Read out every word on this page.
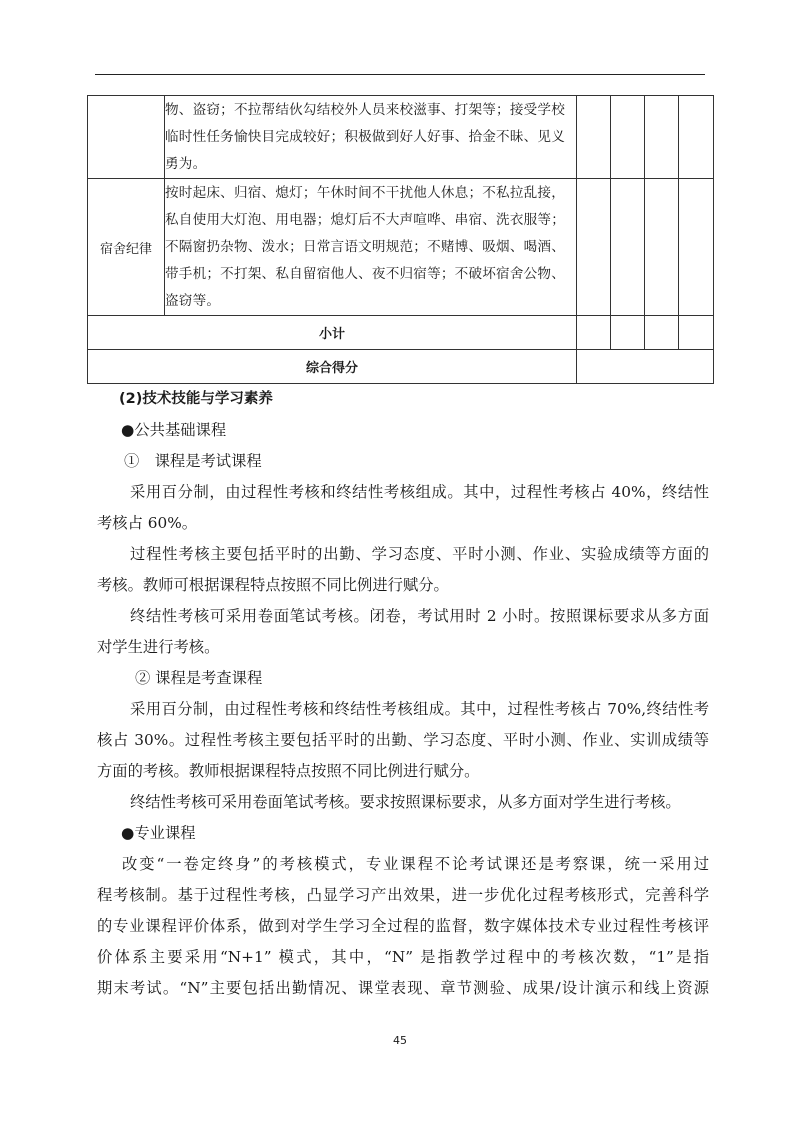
	物、盗窃；不拉帮结伙勾结校外人员来校滋事、打架等；接受学校
临时性任务愉快目完成较好；积极做到好人好事、拾金不昧、见义
勇为。				

宿舍纪律	按时起床、归宿、熄灯；午休时间不干扰他人休息；不私拉乱接，
私自使用大灯泡、用电器；熄灯后不大声喧哗、串宿、洗衣服等；
不隔窗扔杂物、泼水；日常言语文明规范；不赌博、吸烟、喝酒、
带手机；不打架、私自留宿他人、夜不归宿等；不破坏宿舍公物、
盗窃等。				

小计					
综合得分					
(2)技术技能与学习素养
●公共基础课程
①　课程是考试课程
采用百分制，由过程性考核和终结性考核组成。其中，过程性考核占 40%，终结性
考核占 60%。
过程性考核主要包括平时的出勤、学习态度、平时小测、作业、实验成绩等方面的
考核。教师可根据课程特点按照不同比例进行赋分。
终结性考核可采用卷面笔试考核。闭卷，考试用时 2 小时。按照课标要求从多方面
对学生进行考核。
② 课程是考查课程
采用百分制，由过程性考核和终结性考核组成。其中，过程性考核占 70%,终结性考
核占 30%。过程性考核主要包括平时的出勤、学习态度、平时小测、作业、实训成绩等
方面的考核。教师根据课程特点按照不同比例进行赋分。
终结性考核可采用卷面笔试考核。要求按照课标要求，从多方面对学生进行考核。
●专业课程
改变“一卷定终身”的考核模式，专业课程不论考试课还是考察课，统一采用过
程考核制。基于过程性考核，凸显学习产出效果，进一步优化过程考核形式，完善科学
的专业课程评价体系，做到对学生学习全过程的监督，数字媒体技术专业过程性考核评
价体系主要采用“N+1” 模式，其中，“N” 是指教学过程中的考核次数，“1”是指
期末考试。“N”主要包括出勤情况、课堂表现、章节测验、成果/设计演示和线上资源
45
